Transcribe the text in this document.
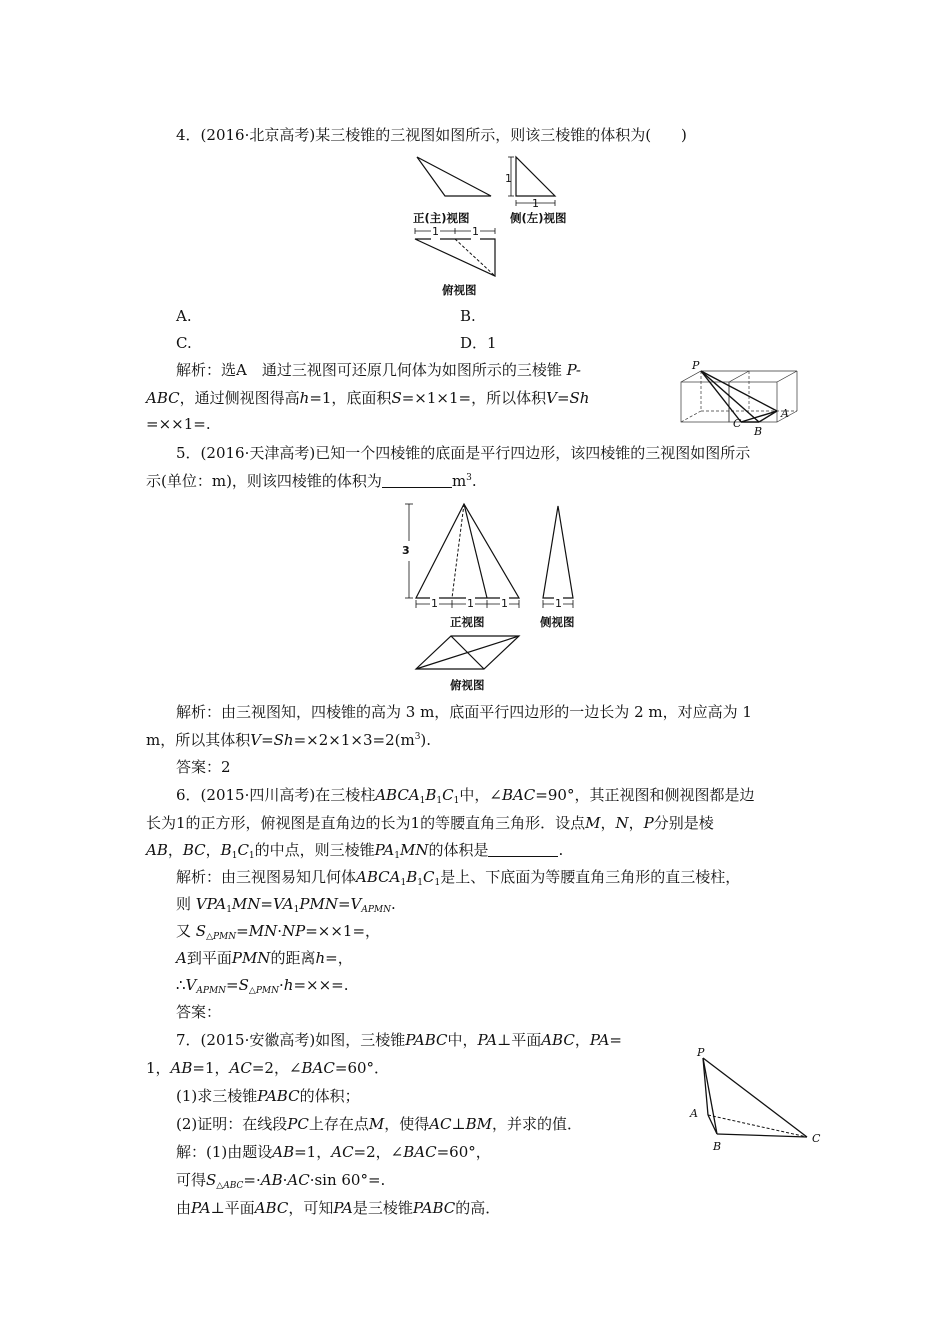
4．(2016·北京高考)某三棱锥的三视图如图所示，则该三棱锥的体积为(　　)
1
1
1	1
正(主)视图	侧(左)视图
俯视图
A.	B.
C.	D．1
解析：选A　通过三视图可还原几何体为如图所示的三棱锥 P-
ABC，通过侧视图得高h=1，底面积S=×1×1=，所以体积V=Sh
=××1=.
P
A
C
B
5．(2016·天津高考)已知一个四棱锥的底面是平行四边形，该四棱锥的三视图如图所示
示(单位：m)，则该四棱锥的体积为	$m^3$.
3
1	1 1	1
正视图	侧视图
俯视图
解析：由三视图知，四棱锥的高为 3 m，底面平行四边形的一边长为 2 m，对应高为 1
m，所以其体积$V=Sh=\times 2\times 1\times 3=2(m^3)$.
答案：2
6．(2015·四川高考)在三棱柱$ABCA_1B_1C_1$中，∠BAC=90°，其正视图和侧视图都是边
长为1的正方形，俯视图是直角边的长为1的等腰直角三角形．设点M，N，P分别是棱
AB，BC，$B_1C_1$的中点，则三棱锥$PA_1MN$的体积是	.
解析：由三视图易知几何体$ABCA_1B_1C_1$是上、下底面为等腰直角三角形的直三棱柱，
则 $VPA_1MN=VA_1PMN=V_{APMN}$.
又 $S_{\triangle PMN}=MN\cdot NP=\times\times 1=$，
A到平面PMN的距离h=，
$\therefore V_{APMN}=S_{\triangle PMN}\cdot h=\times\times=$.
答案：
7．(2015·安徽高考)如图，三棱锥PABC中，PA⊥平面ABC，PA=
1，AB=1，AC=2，∠BAC=60°．
(1)求三棱锥PABC的体积；
(2)证明：在线段PC上存在点M，使得AC⊥BM，并求的值．
解：(1)由题设AB=1，AC=2，∠BAC=60°，
可得$S_{\triangle ABC}=\cdot AB\cdot AC\cdot\sin$ 60°=.
由PA⊥平面ABC，可知PA是三棱锥PABC的高．
P
A
B
C
